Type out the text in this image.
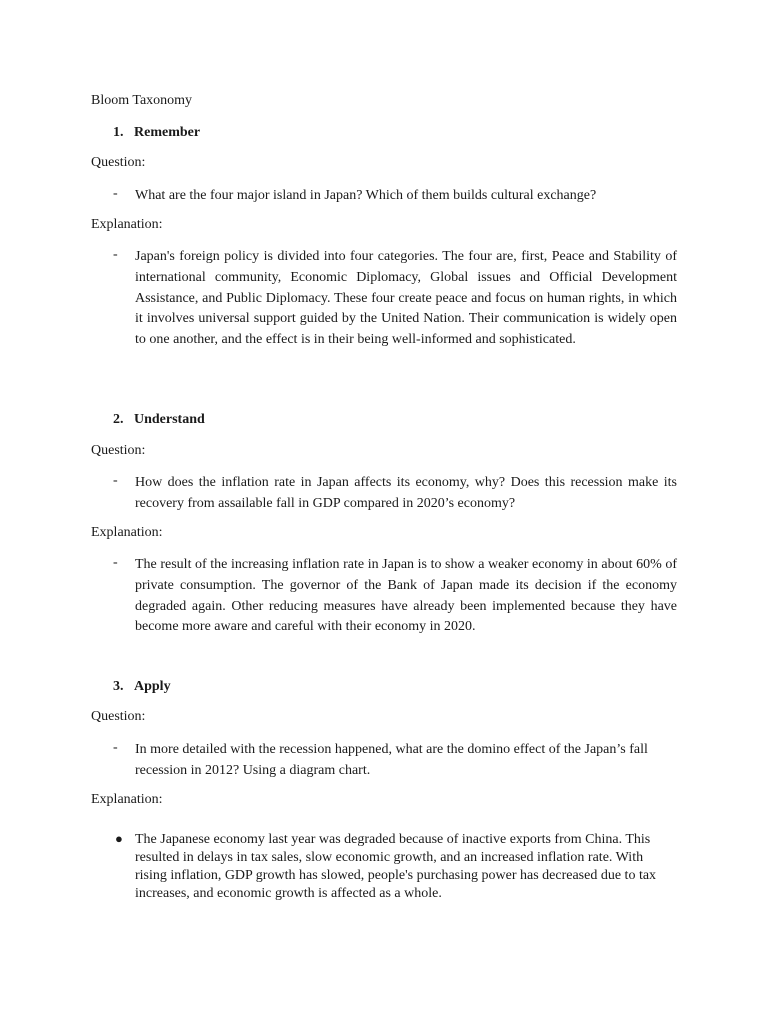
Bloom Taxonomy

1. Remember

Question:

- What are the four major island in Japan? Which of them builds cultural exchange?

Explanation:

- Japan's foreign policy is divided into four categories. The four are, first, Peace and Stability of international community, Economic Diplomacy, Global issues and Official Development Assistance, and Public Diplomacy. These four create peace and focus on human rights, in which it involves universal support guided by the United Nation. Their communication is widely open to one another, and the effect is in their being well-informed and sophisticated.

2. Understand

Question:

- How does the inflation rate in Japan affects its economy, why? Does this recession make its recovery from assailable fall in GDP compared in 2020’s economy?

Explanation:

- The result of the increasing inflation rate in Japan is to show a weaker economy in about 60% of private consumption. The governor of the Bank of Japan made its decision if the economy degraded again. Other reducing measures have already been implemented because they have become more aware and careful with their economy in 2020.

3. Apply

Question:

- In more detailed with the recession happened, what are the domino effect of the Japan’s fall recession in 2012? Using a diagram chart.

Explanation:

● The Japanese economy last year was degraded because of inactive exports from China. This resulted in delays in tax sales, slow economic growth, and an increased inflation rate. With rising inflation, GDP growth has slowed, people's purchasing power has decreased due to tax increases, and economic growth is affected as a whole.
